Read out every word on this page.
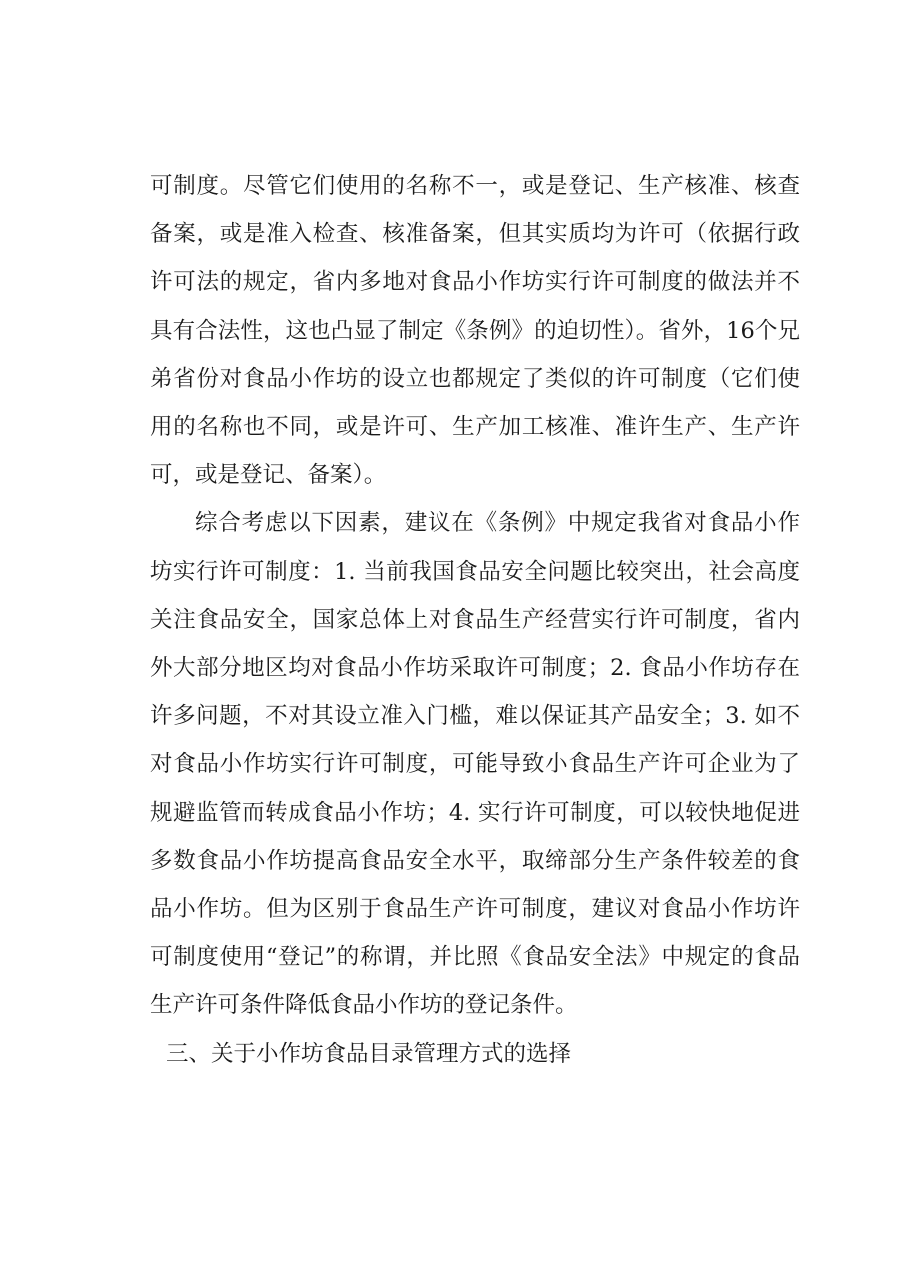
可制度。尽管它们使用的名称不一，或是登记、生产核准、核查备案，或是准入检查、核准备案，但其实质均为许可（依据行政许可法的规定，省内多地对食品小作坊实行许可制度的做法并不具有合法性，这也凸显了制定《条例》的迫切性）。省外，16个兄弟省份对食品小作坊的设立也都规定了类似的许可制度（它们使用的名称也不同，或是许可、生产加工核准、准许生产、生产许可，或是登记、备案）。

综合考虑以下因素，建议在《条例》中规定我省对食品小作坊实行许可制度：1. 当前我国食品安全问题比较突出，社会高度关注食品安全，国家总体上对食品生产经营实行许可制度，省内外大部分地区均对食品小作坊采取许可制度；2. 食品小作坊存在许多问题，不对其设立准入门槛，难以保证其产品安全；3. 如不对食品小作坊实行许可制度，可能导致小食品生产许可企业为了规避监管而转成食品小作坊；4. 实行许可制度，可以较快地促进多数食品小作坊提高食品安全水平，取缔部分生产条件较差的食品小作坊。但为区别于食品生产许可制度，建议对食品小作坊许可制度使用“登记”的称谓，并比照《食品安全法》中规定的食品生产许可条件降低食品小作坊的登记条件。

三、关于小作坊食品目录管理方式的选择
